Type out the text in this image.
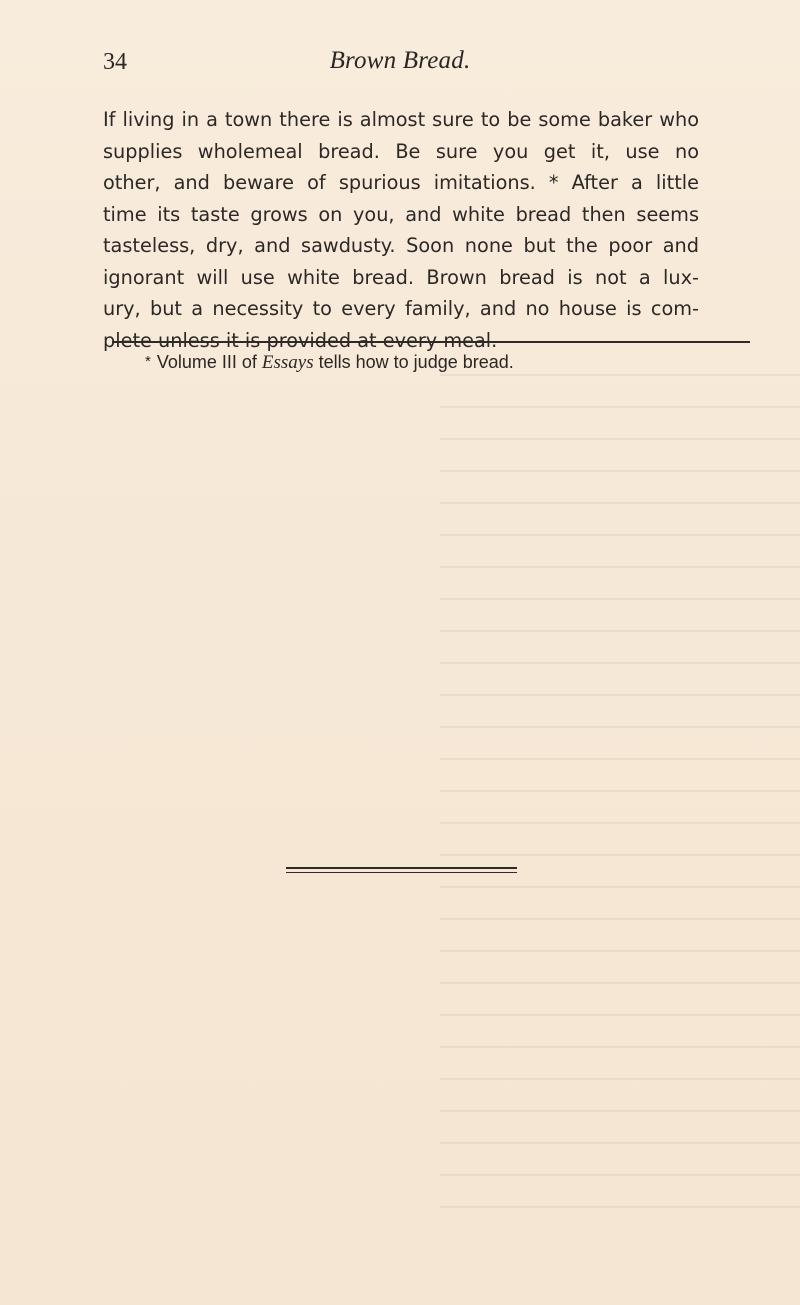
34	Brown Bread.

If living in a town there is almost sure to be some baker who
supplies wholemeal bread. Be sure you get it, use no
other, and beware of spurious imitations. * After a little
time its taste grows on you, and white bread then seems
tasteless, dry, and sawdusty. Soon none but the poor and
ignorant will use white bread. Brown bread is not a lux-
ury, but a necessity to every family, and no house is com-
plete unless it is provided at every meal.

* Volume III of Essays tells how to judge bread.
